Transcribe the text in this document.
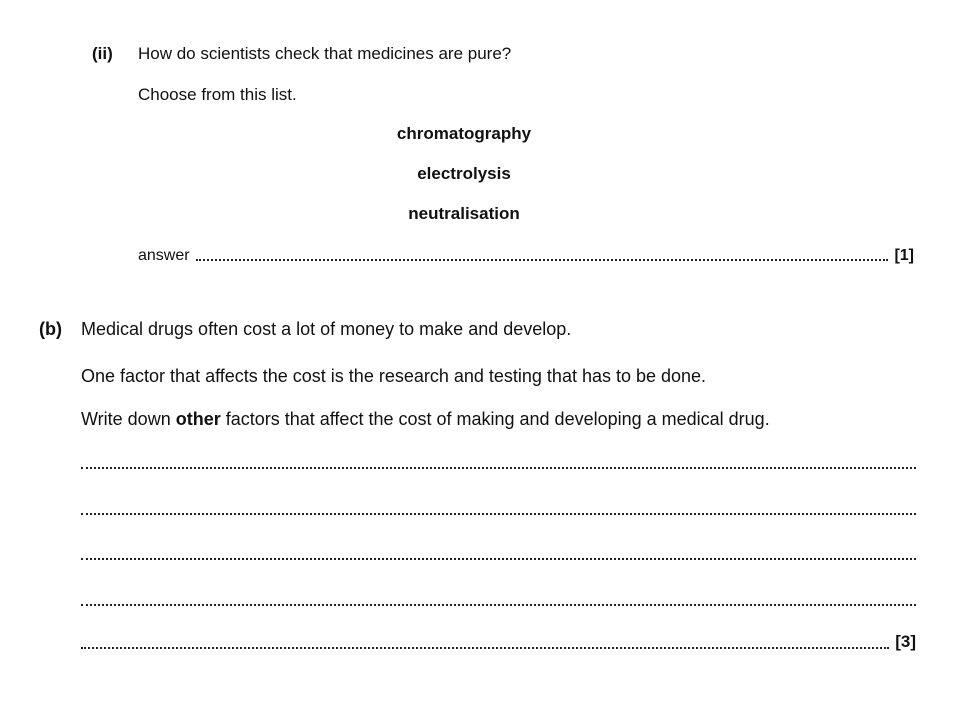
(ii) How do scientists check that medicines are pure?
Choose from this list.
chromatography
electrolysis
neutralisation
answer	[1]
(b) Medical drugs often cost a lot of money to make and develop.
One factor that affects the cost is the research and testing that has to be done.
Write down other factors that affect the cost of making and developing a medical drug.
[3]
